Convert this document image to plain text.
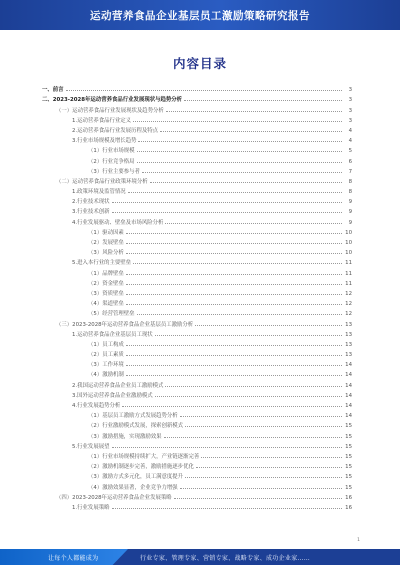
运动营养食品企业基层员工激励策略研究报告
内容目录
一、前言	3
二、2023-2028年运动营养食品行业发展现状与趋势分析	3
（一）运动营养食品行业发展现状及趋势分析	3
1.运动营养食品行业定义	3
2.运动营养食品行业发展历程及特点	4
3.行业市场规模及增长趋势	4
（1）行业市场规模	5
（2）行业竞争格局	6
（3）行业主要参与者	7
（二）运动营养食品行业政策环境分析	8
1.政策环境及监管情况	8
2.行业技术现状	9
3.行业技术创新	9
4.行业发展驱动、壁垒及市场风险分析	9
（1）驱动因素	10
（2）发展壁垒	10
（3）风险分析	10
5.进入本行业的主要壁垒	11
（1）品牌壁垒	11
（2）资金壁垒	11
（3）资质壁垒	12
（4）渠道壁垒	12
（5）经营管理壁垒	12
（三）2023-2028年运动营养食品企业基层员工激励分析	13
1.运动营养食品企业基层员工现状	13
（1）员工构成	13
（2）员工素质	13
（3）工作环境	14
（4）激励机制	14
2.我国运动营养食品企业员工激励模式	14
3.国外运动营养食品企业激励模式	14
4.行业发展趋势分析	14
（1）基层员工激励方式发展趋势分析	14
（2）行业激励模式发展，探索创新模式	15
（3）激励措施，实现激励效果	15
5.行业发展展望	15
（1）行业市场规模持续扩大，产业链逐渐完善	15
（2）激励机制逐步完善，激励措施逐步优化	15
（3）激励方式多元化，员工满意度提升	15
（4）激励效果显著，企业竞争力增强	15
（四）2023-2028年运动营养食品企业发展策略	16
1.行业发展策略	16
1
让每个人都能成为	行业专家、管理专家、营销专家、战略专家、成功企业家……
